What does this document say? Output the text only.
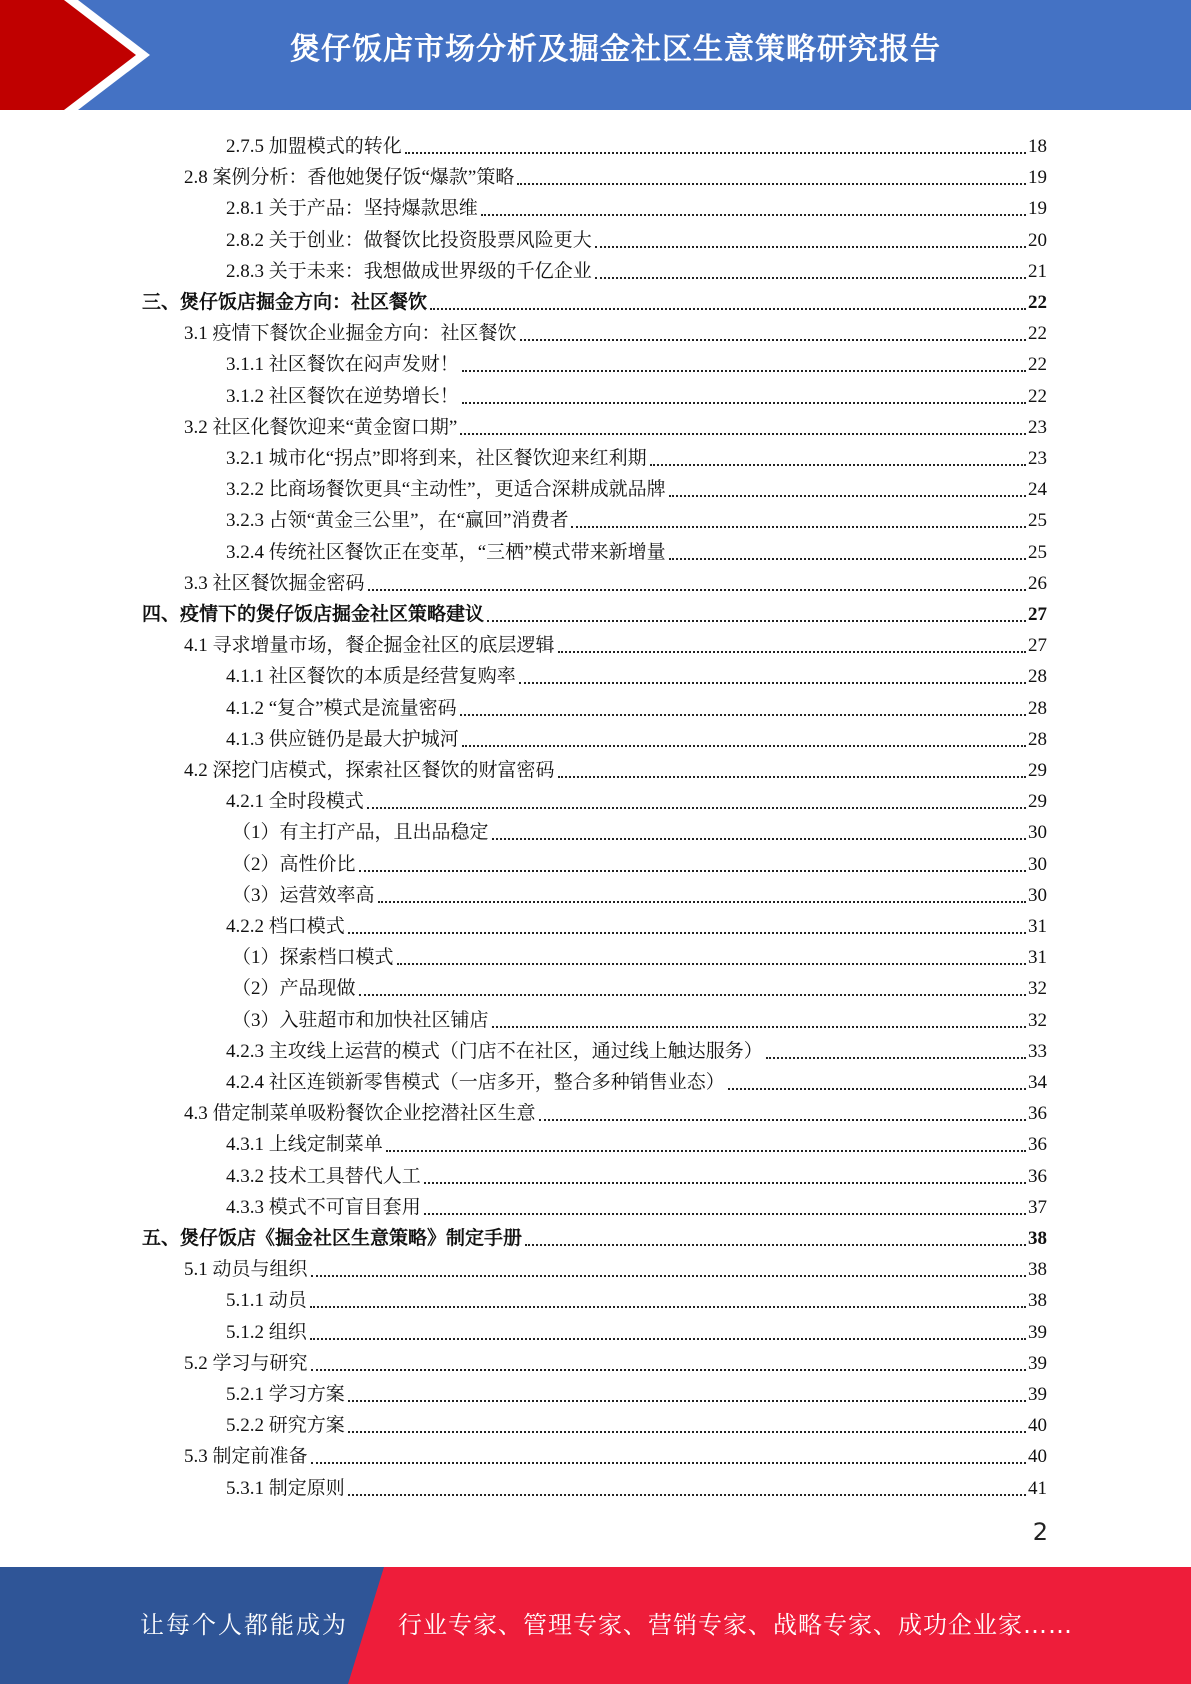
煲仔饭店市场分析及掘金社区生意策略研究报告
2.7.5 加盟模式的转化	18
2.8 案例分析：香他她煲仔饭“爆款”策略	19
2.8.1 关于产品：坚持爆款思维	19
2.8.2 关于创业：做餐饮比投资股票风险更大	20
2.8.3 关于未来：我想做成世界级的千亿企业	21
三、煲仔饭店掘金方向：社区餐饮	22
3.1 疫情下餐饮企业掘金方向：社区餐饮	22
3.1.1 社区餐饮在闷声发财！	22
3.1.2 社区餐饮在逆势增长！	22
3.2 社区化餐饮迎来“黄金窗口期”	23
3.2.1 城市化“拐点”即将到来，社区餐饮迎来红利期	23
3.2.2 比商场餐饮更具“主动性”，更适合深耕成就品牌	24
3.2.3 占领“黄金三公里”，在“赢回”消费者	25
3.2.4 传统社区餐饮正在变革，“三栖”模式带来新增量	25
3.3 社区餐饮掘金密码	26
四、疫情下的煲仔饭店掘金社区策略建议	27
4.1 寻求增量市场，餐企掘金社区的底层逻辑	27
4.1.1 社区餐饮的本质是经营复购率	28
4.1.2 “复合”模式是流量密码	28
4.1.3 供应链仍是最大护城河	28
4.2 深挖门店模式，探索社区餐饮的财富密码	29
4.2.1 全时段模式	29
（1）有主打产品，且出品稳定	30
（2）高性价比	30
（3）运营效率高	30
4.2.2 档口模式	31
（1）探索档口模式	31
（2）产品现做	32
（3）入驻超市和加快社区铺店	32
4.2.3 主攻线上运营的模式（门店不在社区，通过线上触达服务）	33
4.2.4 社区连锁新零售模式（一店多开，整合多种销售业态）	34
4.3 借定制菜单吸粉餐饮企业挖潜社区生意	36
4.3.1 上线定制菜单	36
4.3.2 技术工具替代人工	36
4.3.3 模式不可盲目套用	37
五、煲仔饭店《掘金社区生意策略》制定手册	38
5.1 动员与组织	38
5.1.1 动员	38
5.1.2 组织	39
5.2 学习与研究	39
5.2.1 学习方案	39
5.2.2 研究方案	40
5.3 制定前准备	40
5.3.1 制定原则	41
2
让每个人都能成为 行业专家、管理专家、营销专家、战略专家、成功企业家……
